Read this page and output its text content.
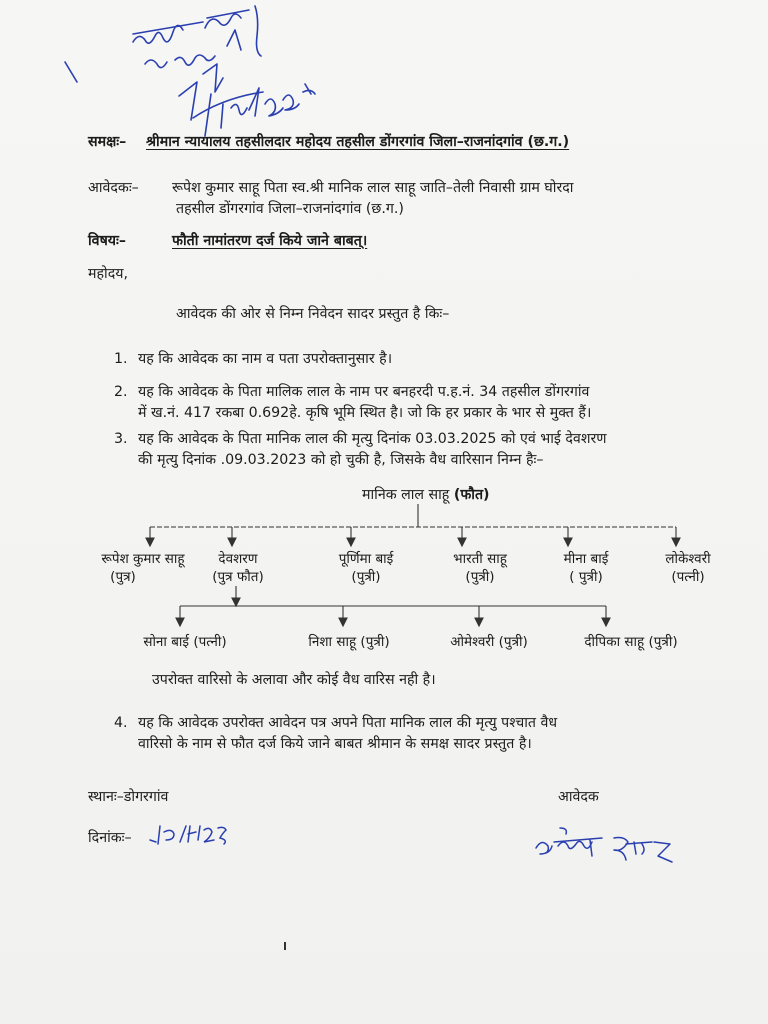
समक्षः– श्रीमान न्यायालय तहसीलदार महोदय तहसील डोंगरगांव जिला–राजनांदगांव (छ.ग.)
आवेदकः– रूपेश कुमार साहू पिता स्व.श्री मानिक लाल साहू जाति–तेली निवासी ग्राम घोरदा
तहसील डोंगरगांव जिला–राजनांदगांव (छ.ग.)
विषयः–	फौती नामांतरण दर्ज किये जाने बाबत्।
महोदय,
आवेदक की ओर से निम्न निवेदन सादर प्रस्तुत है किः–
1. यह कि आवेदक का नाम व पता उपरोक्तानुसार है।
2. यह कि आवेदक के पिता मालिक लाल के नाम पर बनहरदी प.ह.नं. 34 तहसील डोंगरगांव
में ख.नं. 417 रकबा 0.692हे. कृषि भूमि स्थित है। जो कि हर प्रकार के भार से मुक्त हैं।
3. यह कि आवेदक के पिता मानिक लाल की मृत्यु दिनांक 03.03.2025 को एवं भाई देवशरण
की मृत्यु दिनांक .09.03.2023 को हो चुकी है, जिसके वैध वारिसान निम्न हैः–
मानिक लाल साहू (फौत)
रूपेश कुमार साहू
(पुत्र)
देवशरण
(पुत्र फौत)
पूर्णिमा बाई
(पुत्री)
भारती साहू
(पुत्री)
मीना बाई
( पुत्री)
लोकेश्वरी
(पत्नी)
सोना बाई (पत्नी)	निशा साहू (पुत्री)	ओमेश्वरी (पुत्री)	दीपिका साहू (पुत्री)
उपरोक्त वारिसो के अलावा और कोई वैध वारिस नही है।
4. यह कि आवेदक उपरोक्त आवेदन पत्र अपने पिता मानिक लाल की मृत्यु पश्चात वैध
वारिसो के नाम से फौत दर्ज किये जाने बाबत श्रीमान के समक्ष सादर प्रस्तुत है।
स्थानः–डोगरगांव	आवेदक
दिनांकः–
